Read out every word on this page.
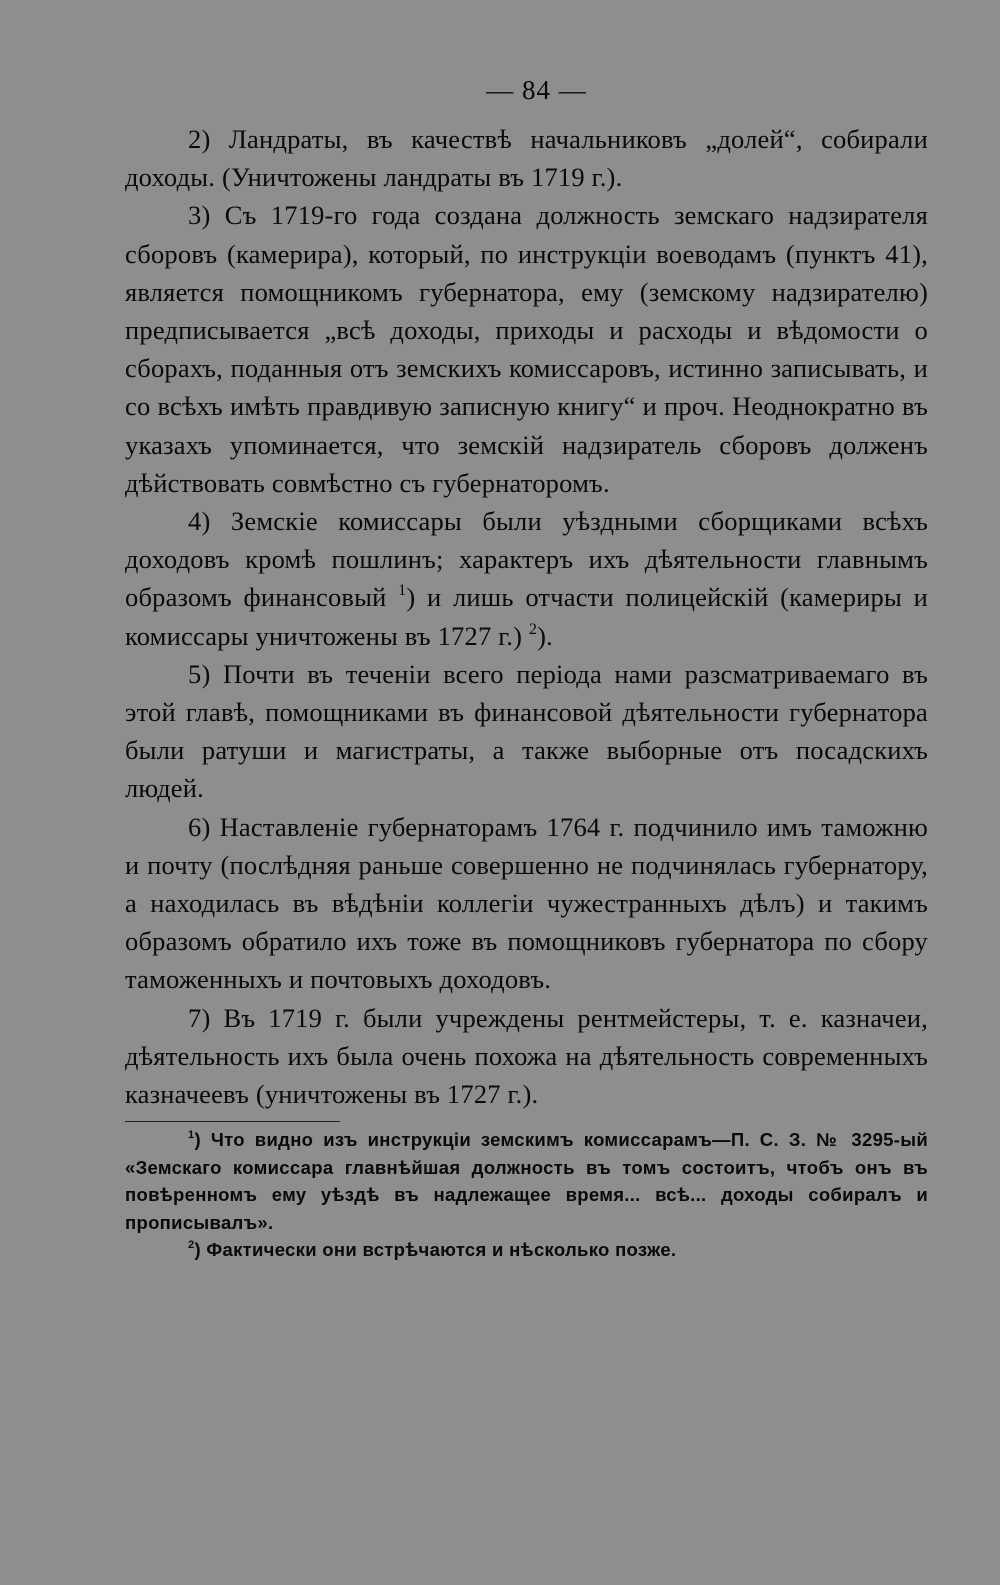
— 84 —

2) Ландраты, въ качествѣ начальниковъ „долей“, собирали доходы. (Уничтожены ландраты въ 1719 г.).

3) Съ 1719-го года создана должность земскаго надзирателя сборовъ (камерира), который, по инструкціи воеводамъ (пунктъ 41), является помощникомъ губернатора, ему (земскому надзирателю) предписывается „всѣ доходы, приходы и расходы и вѣдомости о сборахъ, поданныя отъ земскихъ комиссаровъ, истинно записывать, и со всѣхъ имѣть правдивую записную книгу“ и проч. Неоднократно въ указахъ упоминается, что земскій надзиратель сборовъ долженъ дѣйствовать совмѣстно съ губернаторомъ.

4) Земскіе комиссары были уѣздными сборщиками всѣхъ доходовъ кромѣ пошлинъ; характеръ ихъ дѣятельности главнымъ образомъ финансовый $^1$) и лишь отчасти полицейскій (камериры и комиссары уничтожены въ 1727 г.) $^2$).

5) Почти въ теченіи всего періода нами разсматриваемаго въ этой главѣ, помощниками въ финансовой дѣятельности губернатора были ратуши и магистраты, а также выборные отъ посадскихъ людей.

6) Наставленіе губернаторамъ 1764 г. подчинило имъ таможню и почту (послѣдняя раньше совершенно не подчинялась губернатору, а находилась въ вѣдѣніи коллегіи чужестранныхъ дѣлъ) и такимъ образомъ обратило ихъ тоже въ помощниковъ губернатора по сбору таможенныхъ и почтовыхъ доходовъ.

7) Въ 1719 г. были учреждены рентмейстеры, т. е. казначеи, дѣятельность ихъ была очень похожа на дѣятельность современныхъ казначеевъ (уничтожены въ 1727 г.).

$^1$) Что видно изъ инструкціи земскимъ комиссарамъ—П. С. З. № 3295-ый «Земскаго комиссара главнѣйшая должность въ томъ состоитъ, чтобъ онъ въ повѣренномъ ему уѣздѣ въ надлежащее время... всѣ... доходы собиралъ и прописывалъ».

$^2$) Фактически они встрѣчаются и нѣсколько позже.
